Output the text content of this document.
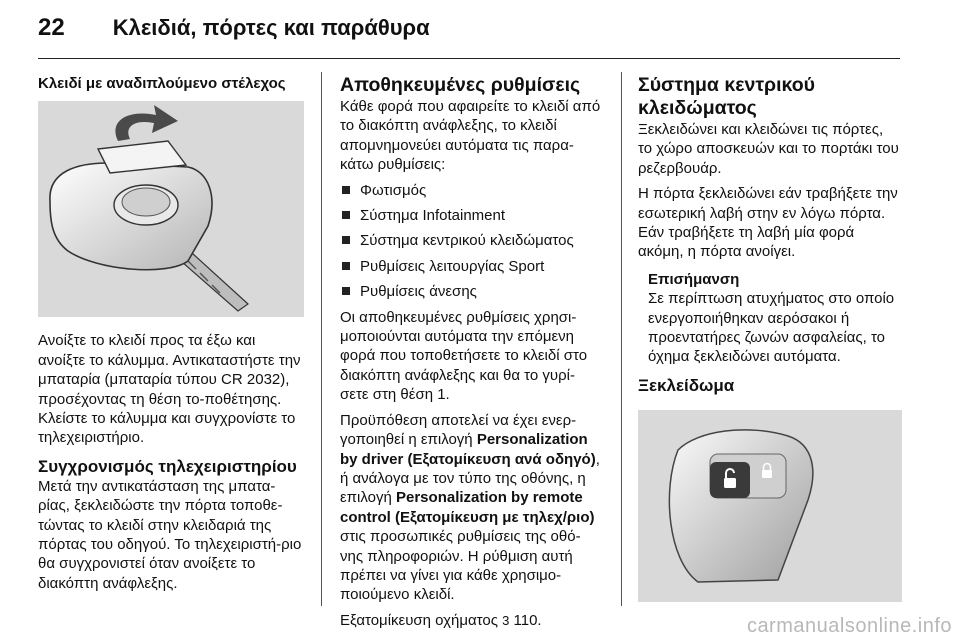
22 Κλειδιά, πόρτες και παράθυρα
Κλειδί με αναδιπλούμενο στέλεχος

Ανοίξτε το κλειδί προς τα έξω και ανοίξτε το κάλυμμα. Αντικαταστήστε την μπαταρία (μπαταρία τύπου CR 2032), προσέχοντας τη θέση το-ποθέτησης. Κλείστε το κάλυμμα και συγχρονίστε το τηλεχειριστήριο.

Συγχρονισμός τηλεχειριστηρίου

Μετά την αντικατάσταση της μπατα-ρίας, ξεκλειδώστε την πόρτα τοποθε-τώντας το κλειδί στην κλειδαριά της πόρτας του οδηγού. Το τηλεχειριστή-ριο θα συγχρονιστεί όταν ανοίξετε το διακόπτη ανάφλεξης.

Αποθηκευμένες ρυθμίσεις

Κάθε φορά που αφαιρείτε το κλειδί από το διακόπτη ανάφλεξης, το κλειδί απομνημονεύει αυτόματα τις παρα-κάτω ρυθμίσεις:

Φωτισμός
Σύστημα Infotainment
Σύστημα κεντρικού κλειδώματος
Ρυθμίσεις λειτουργίας Sport
Ρυθμίσεις άνεσης

Οι αποθηκευμένες ρυθμίσεις χρησι-μοποιούνται αυτόματα την επόμενη φορά που τοποθετήσετε το κλειδί στο διακόπτη ανάφλεξης και θα το γυρί-σετε στη θέση 1.

Προϋπόθεση αποτελεί να έχει ενερ-γοποιηθεί η επιλογή Personalization by driver (Εξατομίκευση ανά οδηγό), ή ανάλογα με τον τύπο της οθόνης, η επιλογή Personalization by remote control (Εξατομίκευση με τηλεχ/ριο) στις προσωπικές ρυθμίσεις της οθό-νης πληροφοριών. Η ρύθμιση αυτή πρέπει να γίνει για κάθε χρησιμο-ποιούμενο κλειδί.

Εξατομίκευση οχήματος 3 110.

Σύστημα κεντρικού κλειδώματος

Ξεκλειδώνει και κλειδώνει τις πόρτες, το χώρο αποσκευών και το πορτάκι του ρεζερβουάρ.

Η πόρτα ξεκλειδώνει εάν τραβήξετε την εσωτερική λαβή στην εν λόγω πόρτα. Εάν τραβήξετε τη λαβή μία φορά ακόμη, η πόρτα ανοίγει.

Επισήμανση
Σε περίπτωση ατυχήματος στο οποίο ενεργοποιήθηκαν αερόσακοι ή προεντατήρες ζωνών ασφαλείας, το όχημα ξεκλειδώνει αυτόματα.
Ξεκλείδωμα
carmanualsonline.info
